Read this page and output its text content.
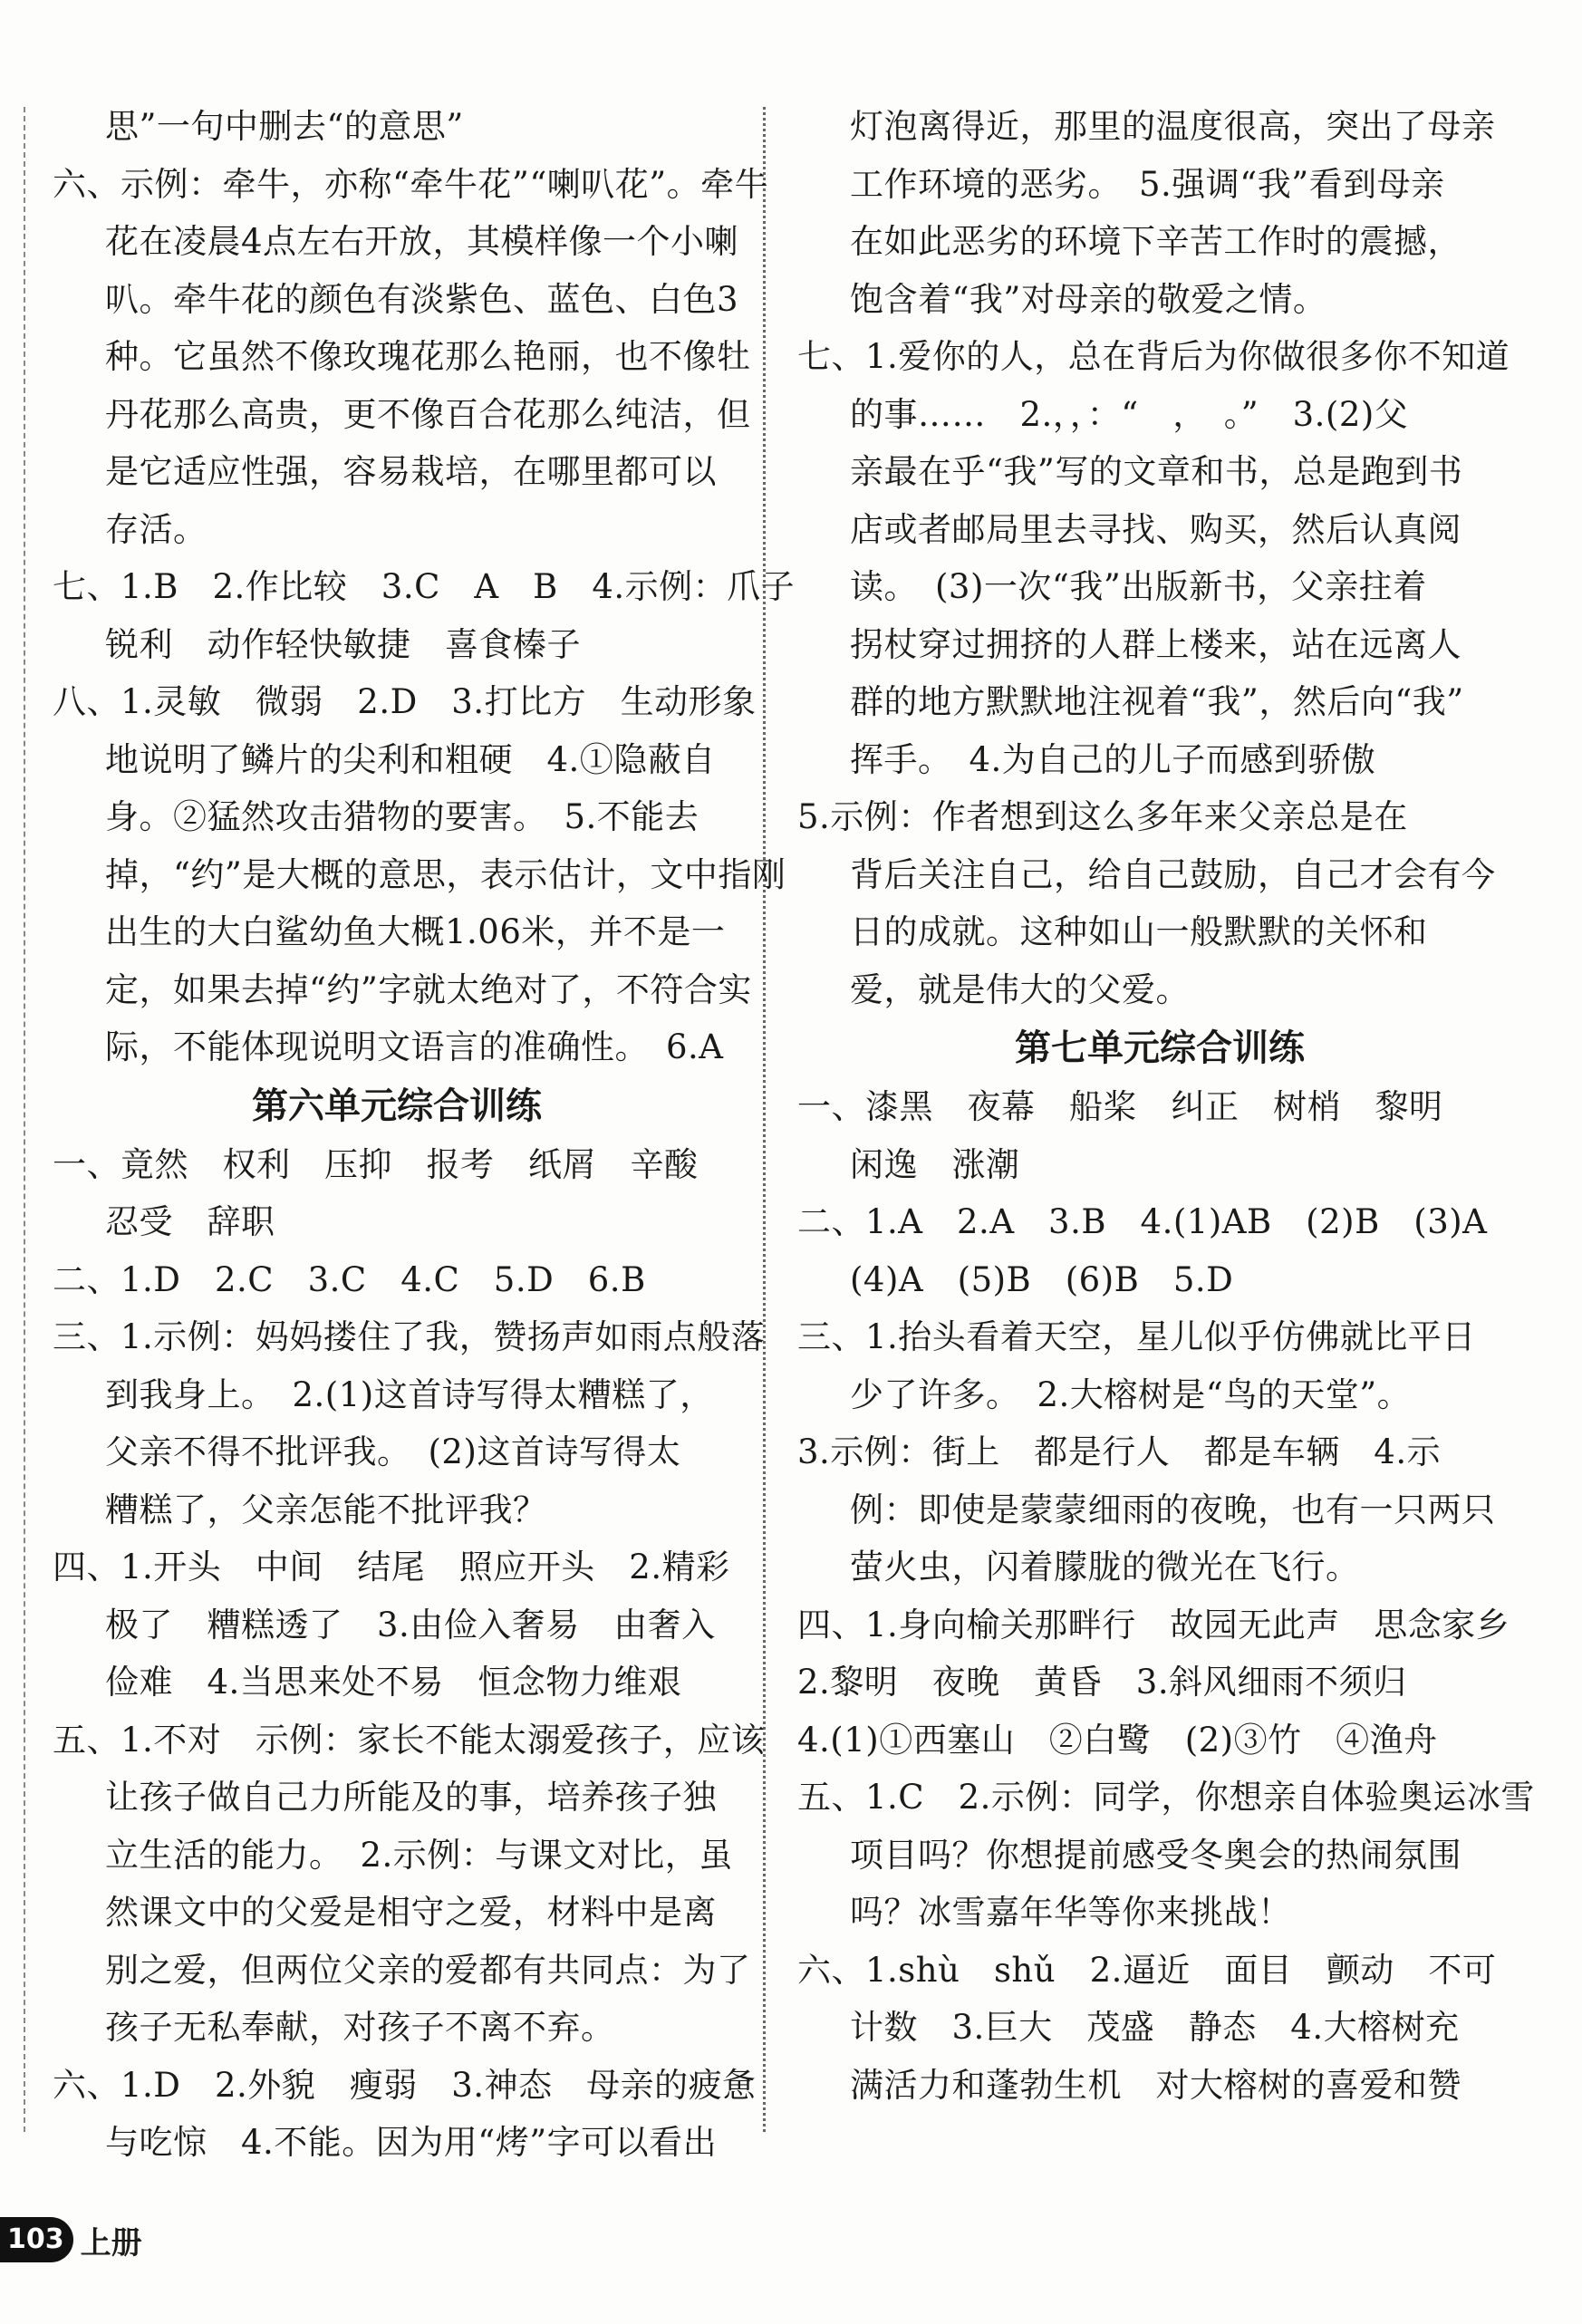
思”一句中删去“的意思”
六、示例：牵牛，亦称“牵牛花”“喇叭花”。牵牛
花在凌晨4点左右开放，其模样像一个小喇
叭。牵牛花的颜色有淡紫色、蓝色、白色3
种。它虽然不像玫瑰花那么艳丽，也不像牡
丹花那么高贵，更不像百合花那么纯洁，但
是它适应性强，容易栽培，在哪里都可以
存活。
七、1.B　2.作比较　3.C　A　B　4.示例：爪子
锐利　动作轻快敏捷　喜食榛子
八、1.灵敏　微弱　2.D　3.打比方　生动形象
地说明了鳞片的尖利和粗硬　4.①隐蔽自
身。②猛然攻击猎物的要害。　5.不能去
掉，“约”是大概的意思，表示估计，文中指刚
出生的大白鲨幼鱼大概1.06米，并不是一
定，如果去掉“约”字就太绝对了，不符合实
际，不能体现说明文语言的准确性。　6.A
第六单元综合训练
一、竟然　权利　压抑　报考　纸屑　辛酸
忍受　辞职
二、1.D　2.C　3.C　4.C　5.D　6.B
三、1.示例：妈妈搂住了我，赞扬声如雨点般落
到我身上。　2.(1)这首诗写得太糟糕了，
父亲不得不批评我。　(2)这首诗写得太
糟糕了，父亲怎能不批评我？
四、1.开头　中间　结尾　照应开头　2.精彩
极了　糟糕透了　3.由俭入奢易　由奢入
俭难　4.当思来处不易　恒念物力维艰
五、1.不对　示例：家长不能太溺爱孩子，应该
让孩子做自己力所能及的事，培养孩子独
立生活的能力。　2.示例：与课文对比，虽
然课文中的父爱是相守之爱，材料中是离
别之爱，但两位父亲的爱都有共同点：为了
孩子无私奉献，对孩子不离不弃。
六、1.D　2.外貌　瘦弱　3.神态　母亲的疲惫
与吃惊　4.不能。因为用“烤”字可以看出
灯泡离得近，那里的温度很高，突出了母亲
工作环境的恶劣。　5.强调“我”看到母亲
在如此恶劣的环境下辛苦工作时的震撼，
饱含着“我”对母亲的敬爱之情。
七、1.爱你的人，总在背后为你做很多你不知道
的事……　2.，，：“　，　。”　3.(2)父
亲最在乎“我”写的文章和书，总是跑到书
店或者邮局里去寻找、购买，然后认真阅
读。　(3)一次“我”出版新书，父亲拄着
拐杖穿过拥挤的人群上楼来，站在远离人
群的地方默默地注视着“我”，然后向“我”
挥手。　4.为自己的儿子而感到骄傲
5.示例：作者想到这么多年来父亲总是在
背后关注自己，给自己鼓励，自己才会有今
日的成就。这种如山一般默默的关怀和
爱，就是伟大的父爱。
第七单元综合训练
一、漆黑　夜幕　船桨　纠正　树梢　黎明
闲逸　涨潮
二、1.A　2.A　3.B　4.(1)AB　(2)B　(3)A
(4)A　(5)B　(6)B　5.D
三、1.抬头看着天空，星儿似乎仿佛就比平日
少了许多。　2.大榕树是“鸟的天堂”。
3.示例：街上　都是行人　都是车辆　4.示
例：即使是蒙蒙细雨的夜晚，也有一只两只
萤火虫，闪着朦胧的微光在飞行。
四、1.身向榆关那畔行　故园无此声　思念家乡
2.黎明　夜晚　黄昏　3.斜风细雨不须归
4.(1)①西塞山　②白鹭　(2)③竹　④渔舟
五、1.C　2.示例：同学，你想亲自体验奥运冰雪
项目吗？你想提前感受冬奥会的热闹氛围
吗？冰雪嘉年华等你来挑战！
六、1.shù　shǔ　2.逼近　面目　颤动　不可
计数　3.巨大　茂盛　静态　4.大榕树充
满活力和蓬勃生机　对大榕树的喜爱和赞
103 上册
